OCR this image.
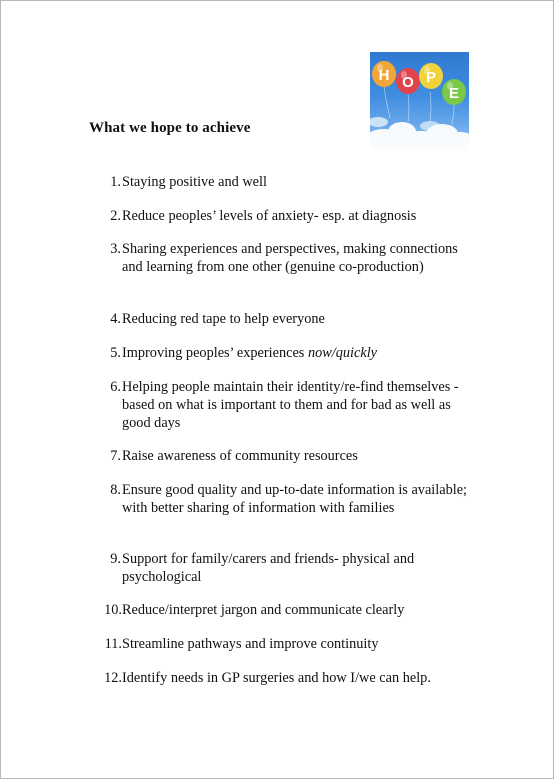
H O P
E
What we hope to achieve
1. Staying positive and well
2. Reduce peoples’ levels of anxiety- esp. at diagnosis
3. Sharing experiences and perspectives, making connections and learning from one other (genuine co-production)
4. Reducing red tape to help everyone
5. Improving peoples’ experiences now/quickly
6. Helping people maintain their identity/re-find themselves - based on what is important to them and for bad as well as good days
7. Raise awareness of community resources
8. Ensure good quality and up-to-date information is available; with better sharing of information with families
9. Support for family/carers and friends- physical and psychological
10. Reduce/interpret jargon and communicate clearly
11. Streamline pathways and improve continuity
12. Identify needs in GP surgeries and how I/we can help.
